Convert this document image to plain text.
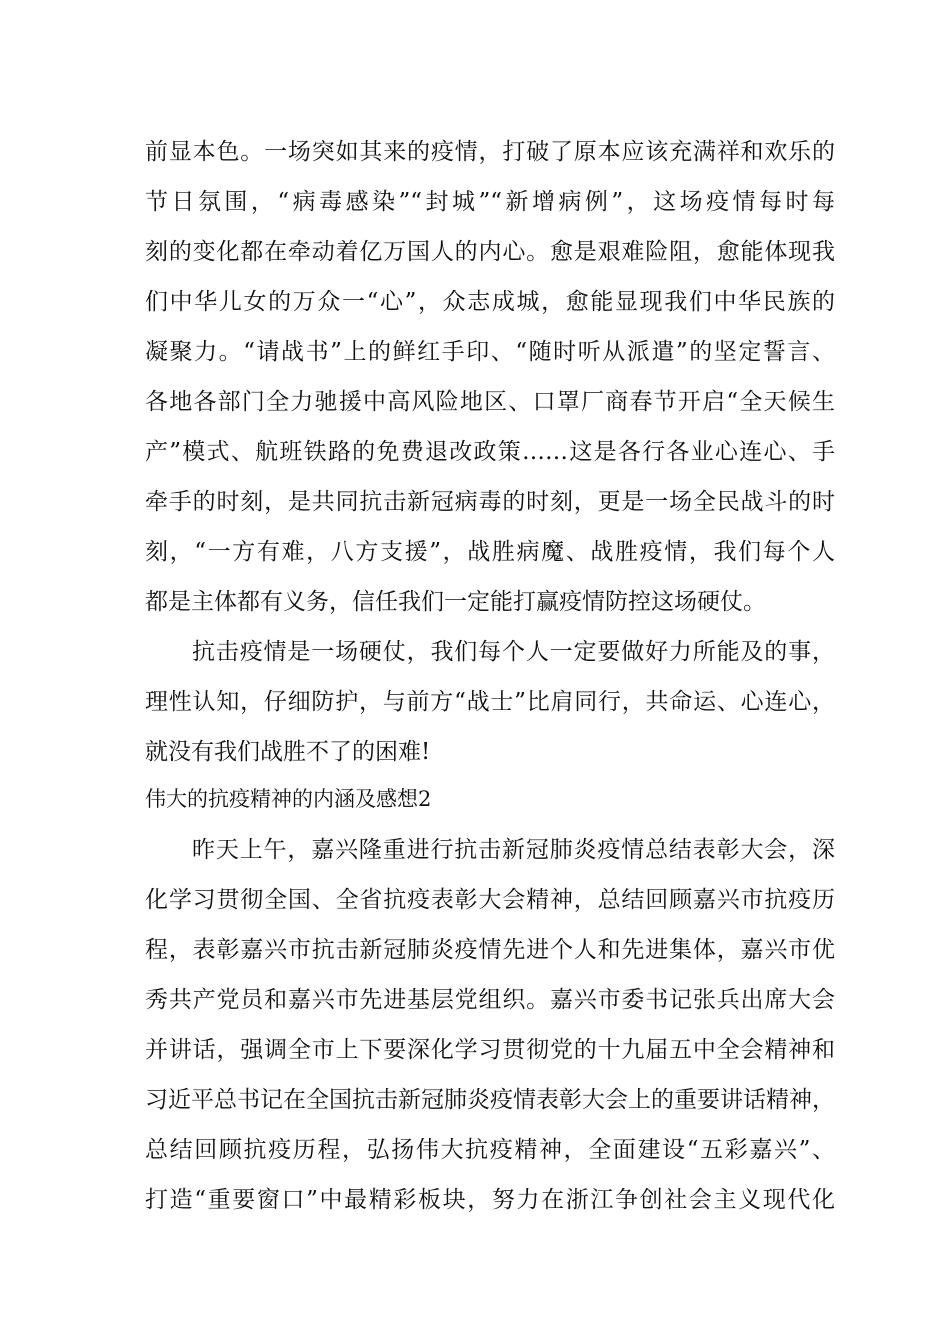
前显本色。一场突如其来的疫情，打破了原本应该充满祥和欢乐的
节日氛围，“病毒感染”“封城”“新增病例”，这场疫情每时每
刻的变化都在牵动着亿万国人的内心。愈是艰难险阻，愈能体现我
们中华儿女的万众一“心”，众志成城，愈能显现我们中华民族的
凝聚力。“请战书”上的鲜红手印、“随时听从派遣”的坚定誓言、
各地各部门全力驰援中高风险地区、口罩厂商春节开启“全天候生
产”模式、航班铁路的免费退改政策……这是各行各业心连心、手
牵手的时刻，是共同抗击新冠病毒的时刻，更是一场全民战斗的时
刻，“一方有难，八方支援”，战胜病魔、战胜疫情，我们每个人
都是主体都有义务，信任我们一定能打赢疫情防控这场硬仗。
抗击疫情是一场硬仗，我们每个人一定要做好力所能及的事，
理性认知，仔细防护，与前方“战士”比肩同行，共命运、心连心，
就没有我们战胜不了的困难!
伟大的抗疫精神的内涵及感想2
昨天上午，嘉兴隆重进行抗击新冠肺炎疫情总结表彰大会，深
化学习贯彻全国、全省抗疫表彰大会精神，总结回顾嘉兴市抗疫历
程，表彰嘉兴市抗击新冠肺炎疫情先进个人和先进集体，嘉兴市优
秀共产党员和嘉兴市先进基层党组织。嘉兴市委书记张兵出席大会
并讲话，强调全市上下要深化学习贯彻党的十九届五中全会精神和
习近平总书记在全国抗击新冠肺炎疫情表彰大会上的重要讲话精神，
总结回顾抗疫历程，弘扬伟大抗疫精神，全面建设“五彩嘉兴”、
打造“重要窗口”中最精彩板块，努力在浙江争创社会主义现代化
